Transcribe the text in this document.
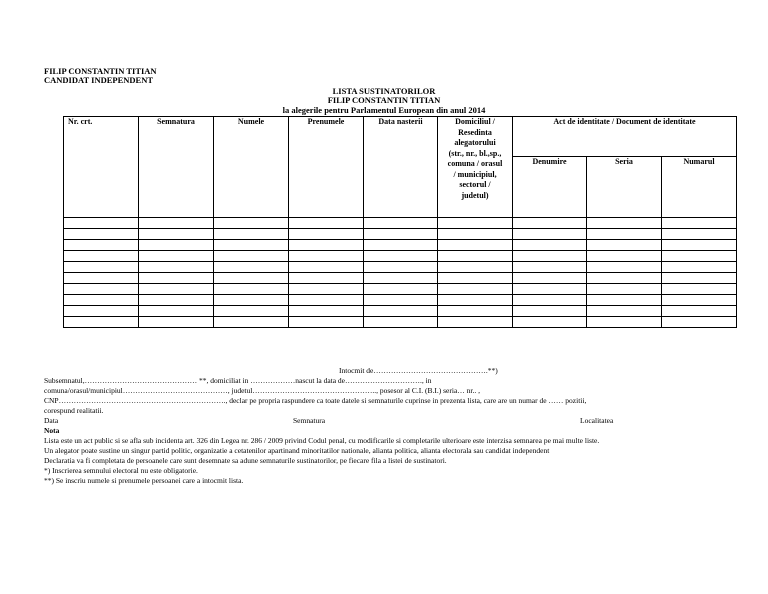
FILIP CONSTANTIN TITIAN
CANDIDAT INDEPENDENT
LISTA SUSTINATORILOR
FILIP CONSTANTIN TITIAN
la alegerile pentru Parlamentul European din anul 2014
Nr. crt.	Semnatura	Numele	Prenumele	Data nasterii	Domiciliul / Resedinta alegatorului (str., nr., bl.,sp., comuna / orasul / municipiul, sectorul / judetul)	Act de identitate / Document de identitate		
						Denumire	Seria	Numarul

Intocmit de……………………………………….**)
Subsemnatul,……………………………………… **, domiciliat in ………………nascut la data de…………………………., in
comuna/orasul/municipiul……………………………………, judetul………………………………………….., posesor al C.I. (B.I.) seria… nr.. ,
CNP…………………………………………………………., declar pe propria raspundere ca toate datele si semnaturile cuprinse in prezenta lista, care are un numar de …… pozitii,
corespund realitatii.
Data	Semnatura	Localitatea
Nota
Lista este un act public si se afla sub incidenta art. 326 din Legea nr. 286 / 2009 privind Codul penal, cu modificarile si completarile ulterioare este interzisa semnarea pe mai multe liste.
Un alegator poate sustine un singur partid politic, organizatie a cetatenilor apartinand minoritatilor nationale, alianta politica, alianta electorala sau candidat independent
Declaratia va fi completata de persoanele care sunt desemnate sa adune semnaturile sustinatorilor, pe fiecare fila a listei de sustinatori.
*) Inscrierea semnului electoral nu este obligatorie.
**) Se inscriu numele si prenumele persoanei care a intocmit lista.
